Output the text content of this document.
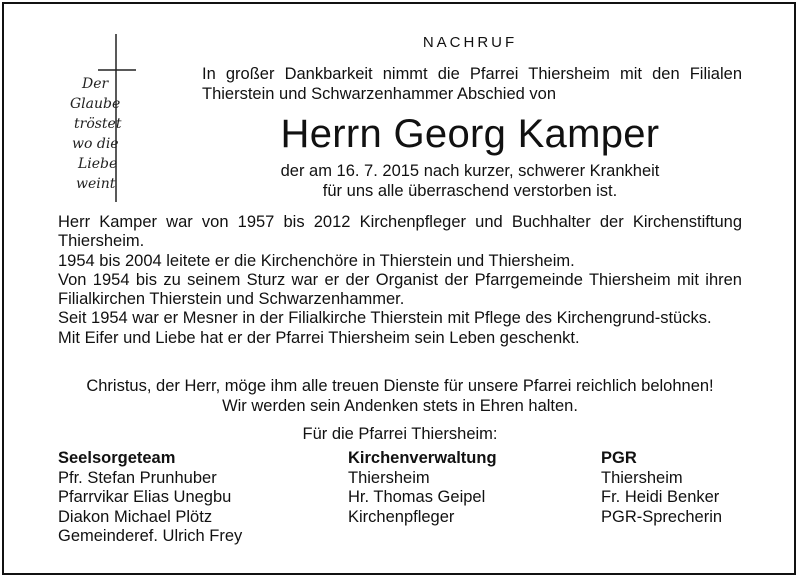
NACHRUF
Der
Glaube
tröstet
wo die
Liebe
weint
In großer Dankbarkeit nimmt die Pfarrei Thiersheim mit den Filialen
Thierstein und Schwarzenhammer Abschied von
Herrn Georg Kamper
der am 16. 7. 2015 nach kurzer, schwerer Krankheit
für uns alle überraschend verstorben ist.

Herr Kamper war von 1957 bis 2012 Kirchenpfleger und Buchhalter der Kirchenstiftung Thiersheim.

1954 bis 2004 leitete er die Kirchenchöre in Thierstein und Thiersheim.

Von 1954 bis zu seinem Sturz war er der Organist der Pfarrgemeinde Thiersheim mit ihren Filialkirchen Thierstein und Schwarzenhammer.

Seit 1954 war er Mesner in der Filialkirche Thierstein mit Pflege des Kirchengrund-stücks.

Mit Eifer und Liebe hat er der Pfarrei Thiersheim sein Leben geschenkt.

Christus, der Herr, möge ihm alle treuen Dienste für unsere Pfarrei reichlich belohnen!
Wir werden sein Andenken stets in Ehren halten.
Für die Pfarrei Thiersheim:
Seelsorgeteam
Pfr. Stefan Prunhuber
Pfarrvikar Elias Unegbu
Diakon Michael Plötz
Gemeinderef. Ulrich Frey
Kirchenverwaltung
Thiersheim
Hr. Thomas Geipel
Kirchenpfleger
PGR
Thiersheim
Fr. Heidi Benker
PGR-Sprecherin
